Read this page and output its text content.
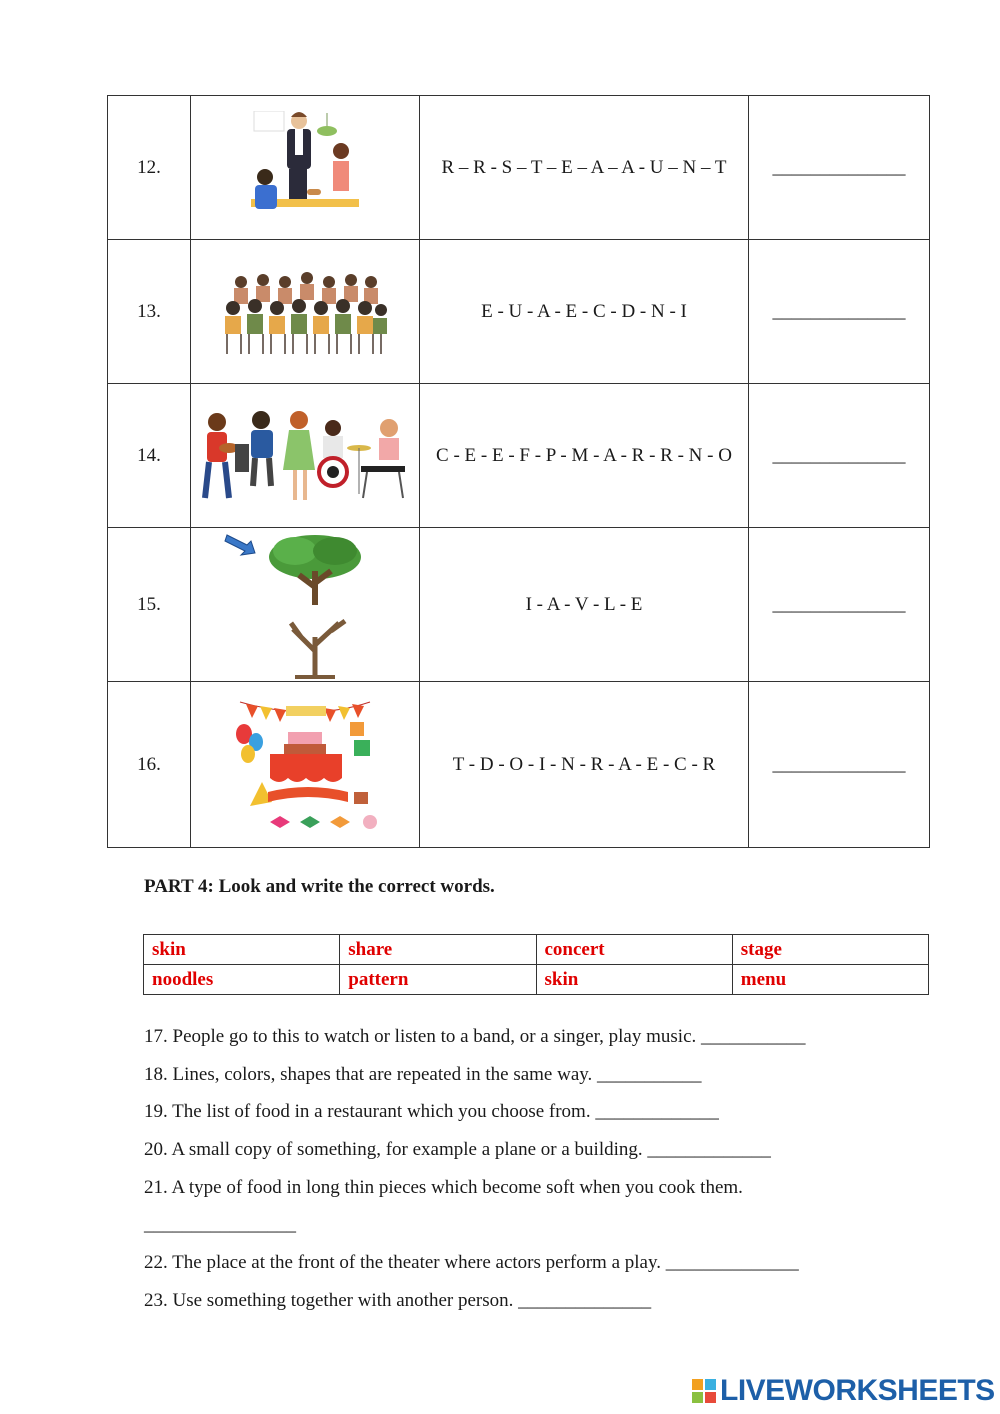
12.		R – R - S – T – E – A – A - U – N – T	______________
13.		E - U - A - E - C - D - N - I	______________
14.		C - E - E - F - P - M - A - R - R - N - O	______________
15.		I - A - V - L - E	______________
16.		T - D - O - I - N - R - A - E - C - R	______________

PART 4: Look and write the correct words.

skin	share	concert	stage
noodles	pattern	skin	menu
17. People go to this to watch or listen to a band, or a singer, play music. ___________
18. Lines, colors, shapes that are repeated in the same way. ___________
19. The list of food in a restaurant which you choose from. _____________
20. A small copy of something, for example a plane or a building. _____________
21. A type of food in long thin pieces which become soft when you cook them.
________________
22. The place at the front of the theater where actors perform a play. ______________
23. Use something together with another person. ______________
LIVEWORKSHEETS
